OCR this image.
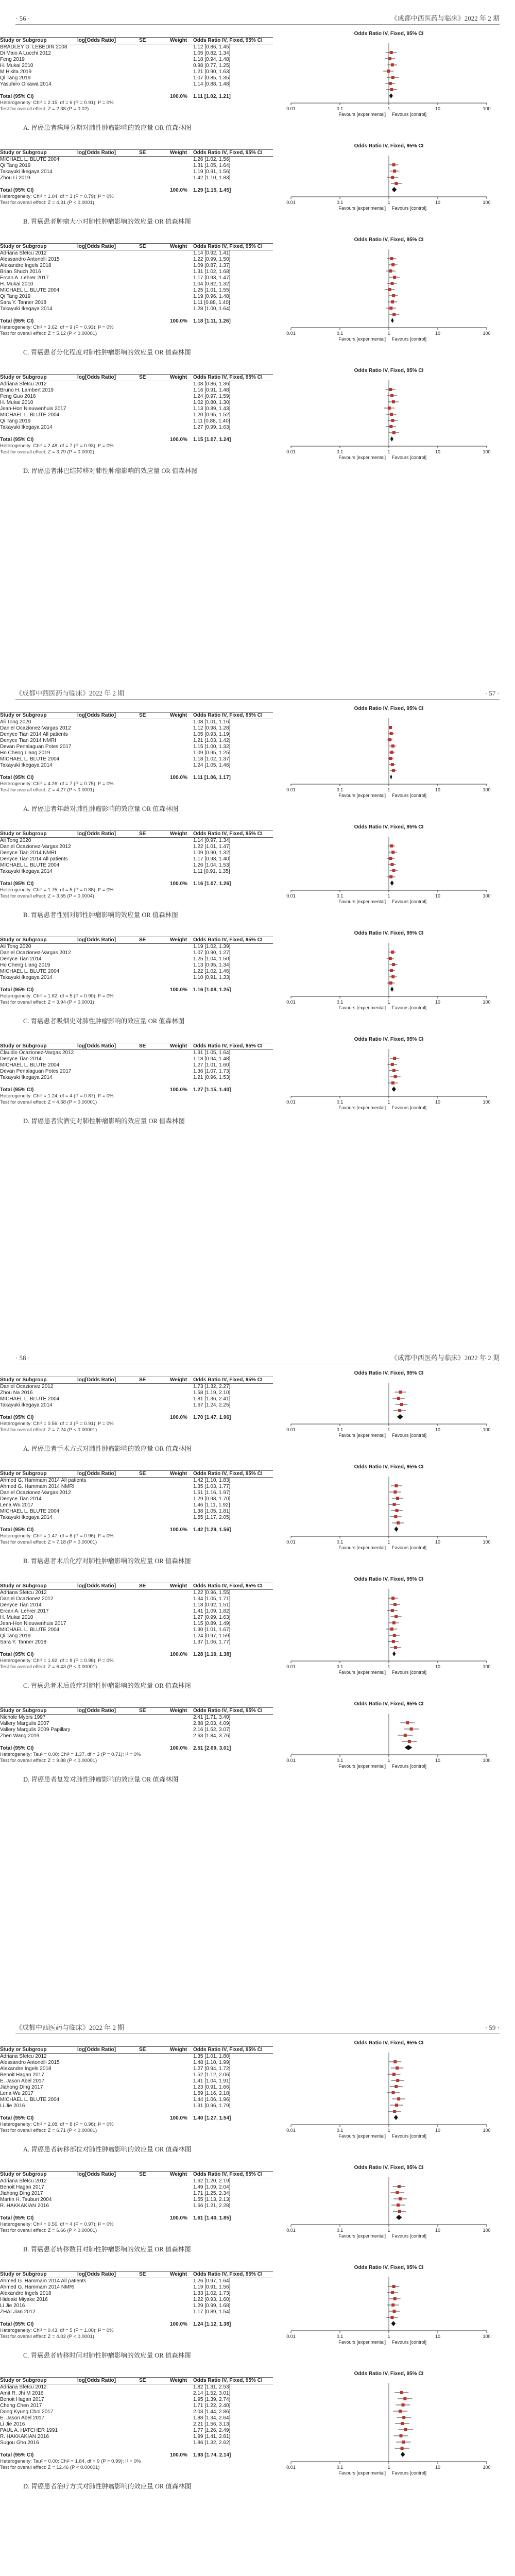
· 56 ·	《成都中西医药与临床》2022 年 2 期
Odds Ratio IV, Fixed, 95% CI
Study or Subgroup	log[Odds Ratio]	SE	Weight	Odds Ratio IV, Fixed, 95% CI
BRADLEY G. LEBEDIN 2008	1.12 [0.86, 1.45]
Di Maio A Lucchi 2012	1.05 [0.82, 1.34]
Feng 2019	1.18 [0.94, 1.48]
H. Mukai 2010	0.98 [0.77, 1.25]
M Hikita 2019	1.21 [0.90, 1.63]
Qi Tang 2019	1.07 [0.85, 1.35]
Yasuhiro Oikawa 2014	1.14 [0.88, 1.48]
Total (95% CI)	100.0%	1.11 [1.02, 1.21]
Heterogeneity: Chi² = 2.15, df = 6 (P = 0.91); I² = 0%
Test for overall effect: Z = 2.38 (P = 0.02)	0.01	0.1	1	10	100
Favours [experimental] Favours [control]
A. 胃癌患者病理分期对肺性肿瘤影响的效应量 OR 值森林图
Odds Ratio IV, Fixed, 95% CI
Study or Subgroup	log[Odds Ratio]	SE	Weight	Odds Ratio IV, Fixed, 95% CI
MICHAEL L. BLUTE 2004	1.26 [1.02, 1.56]
Qi Tang 2019	1.31 [1.05, 1.64]
Takayuki Ikegaya 2014	1.19 [0.91, 1.56]
Zhou Li 2019	1.42 [1.10, 1.83]
Total (95% CI)	100.0%	1.29 [1.15, 1.45]
Heterogeneity: Chi² = 1.04, df = 3 (P = 0.79); I² = 0%
Test for overall effect: Z = 4.31 (P < 0.0001)	0.01	0.1	1	10	100
Favours [experimental] Favours [control]
B. 胃癌患者肿瘤大小对肺性肿瘤影响的效应量 OR 值森林图
Odds Ratio IV, Fixed, 95% CI
Study or Subgroup	log[Odds Ratio]	SE	Weight	Odds Ratio IV, Fixed, 95% CI
Adriana Sfetcu 2012	1.14 [0.92, 1.41]
Alessandro Antonelli 2015	1.22 [0.99, 1.50]
Alexandre Ingels 2018	1.09 [0.87, 1.37]
Brian Shuch 2016	1.31 [1.02, 1.68]
Ercan A. Lehrer 2017	1.17 [0.93, 1.47]
H. Mukai 2010	1.04 [0.82, 1.32]
MICHAEL L. BLUTE 2004	1.25 [1.01, 1.55]
Qi Tang 2019	1.19 [0.96, 1.48]
Sara Y. Tanner 2018	1.11 [0.88, 1.40]
Takayuki Ikegaya 2014	1.28 [1.00, 1.64]
Total (95% CI)	100.0%	1.18 [1.11, 1.26]
Heterogeneity: Chi² = 3.62, df = 9 (P = 0.93); I² = 0%
Test for overall effect: Z = 5.12 (P < 0.00001)	0.01	0.1	1	10	100
Favours [experimental] Favours [control]
C. 胃癌患者分化程度对肺性肿瘤影响的效应量 OR 值森林图
Odds Ratio IV, Fixed, 95% CI
Study or Subgroup	log[Odds Ratio]	SE	Weight	Odds Ratio IV, Fixed, 95% CI
Adriana Sfetcu 2012	1.08 [0.86, 1.36]
Bruno H. Lambert 2019	1.16 [0.91, 1.48]
Feng Guo 2016	1.24 [0.97, 1.59]
H. Mukai 2010	1.02 [0.80, 1.30]
Jean-Hon Nieuwenhuis 2017	1.13 [0.89, 1.43]
MICHAEL L. BLUTE 2004	1.20 [0.95, 1.52]
Qi Tang 2019	1.11 [0.88, 1.40]
Takayuki Ikegaya 2014	1.27 [0.99, 1.63]
Total (95% CI)	100.0%	1.15 [1.07, 1.24]
Heterogeneity: Chi² = 2.48, df = 7 (P = 0.93); I² = 0%
Test for overall effect: Z = 3.79 (P = 0.0002)	0.01	0.1	1	10	100
Favours [experimental] Favours [control]
D. 胃癌患者淋巴结转移对肺性肿瘤影响的效应量 OR 值森林图
《成都中西医药与临床》2022 年 2 期	· 57 ·
Odds Ratio IV, Fixed, 95% CI
Study or Subgroup	log[Odds Ratio]	SE	Weight	Odds Ratio IV, Fixed, 95% CI
Ali Tong 2020	1.08 [1.01, 1.16]
Daniel Ocazionez-Vargas 2012	1.12 [0.98, 1.28]
Denyce Tian 2014 All patients	1.05 [0.93, 1.19]
Denyce Tian 2014 NMRI	1.21 [1.03, 1.42]
Devan Penalaguan Potes 2017	1.15 [1.00, 1.32]
Ho Cheng Liang 2019	1.09 [0.95, 1.25]
MICHAEL L. BLUTE 2004	1.18 [1.02, 1.37]
Takayuki Ikegaya 2014	1.24 [1.05, 1.46]
Total (95% CI)	100.0%	1.11 [1.06, 1.17]
Heterogeneity: Chi² = 4.26, df = 7 (P = 0.75); I² = 0%
Test for overall effect: Z = 4.27 (P < 0.0001)	0.01	0.1	1	10	100
Favours [experimental] Favours [control]
A. 胃癌患者年龄对肺性肿瘤影响的效应量 OR 值森林图
Odds Ratio IV, Fixed, 95% CI
Study or Subgroup	log[Odds Ratio]	SE	Weight	Odds Ratio IV, Fixed, 95% CI
Ali Tong 2020	1.14 [0.97, 1.34]
Daniel Ocazionez-Vargas 2012	1.22 [1.01, 1.47]
Denyce Tian 2014 NMRI	1.09 [0.90, 1.32]
Denyce Tian 2014 All patients	1.17 [0.98, 1.40]
MICHAEL L. BLUTE 2004	1.26 [1.04, 1.53]
Takayuki Ikegaya 2014	1.11 [0.91, 1.35]
Total (95% CI)	100.0%	1.16 [1.07, 1.26]
Heterogeneity: Chi² = 1.75, df = 5 (P = 0.88); I² = 0%
Test for overall effect: Z = 3.55 (P = 0.0004)	0.01	0.1	1	10	100
Favours [experimental] Favours [control]
B. 胃癌患者性别对肺性肿瘤影响的效应量 OR 值森林图
Odds Ratio IV, Fixed, 95% CI
Study or Subgroup	log[Odds Ratio]	SE	Weight	Odds Ratio IV, Fixed, 95% CI
Ali Tong 2020	1.19 [1.02, 1.39]
Daniel Ocazionez-Vargas 2012	1.07 [0.90, 1.27]
Denyce Tian 2014	1.25 [1.04, 1.50]
Ho Cheng Liang 2019	1.13 [0.95, 1.34]
MICHAEL L. BLUTE 2004	1.22 [1.02, 1.46]
Takayuki Ikegaya 2014	1.10 [0.91, 1.33]
Total (95% CI)	100.0%	1.16 [1.08, 1.25]
Heterogeneity: Chi² = 1.62, df = 5 (P = 0.90); I² = 0%
Test for overall effect: Z = 3.94 (P < 0.0001)	0.01	0.1	1	10	100
Favours [experimental] Favours [control]
C. 胃癌患者吸烟史对肺性肿瘤影响的效应量 OR 值森林图
Odds Ratio IV, Fixed, 95% CI
Study or Subgroup	log[Odds Ratio]	SE	Weight	Odds Ratio IV, Fixed, 95% CI
Claudio Ocazionez-Vargas 2012	1.31 [1.05, 1.64]
Denyce Tian 2014	1.18 [0.94, 1.48]
MICHAEL L. BLUTE 2004	1.27 [1.01, 1.60]
Devan Penalaguan Potes 2017	1.36 [1.07, 1.73]
Takayuki Ikegaya 2014	1.21 [0.96, 1.53]
Total (95% CI)	100.0%	1.27 [1.15, 1.40]
Heterogeneity: Chi² = 1.24, df = 4 (P = 0.87); I² = 0%
Test for overall effect: Z = 4.68 (P < 0.00001)	0.01	0.1	1	10	100
Favours [experimental] Favours [control]
D. 胃癌患者饮酒史对肺性肿瘤影响的效应量 OR 值森林图
· 58 ·	《成都中西医药与临床》2022 年 2 期
Odds Ratio IV, Fixed, 95% CI
Study or Subgroup	log[Odds Ratio]	SE	Weight	Odds Ratio IV, Fixed, 95% CI
Daniel Ocazionez 2012	1.73 [1.32, 2.27]
Zhou Na 2016	1.58 [1.19, 2.10]
MICHAEL L. BLUTE 2004	1.81 [1.36, 2.41]
Takayuki Ikegaya 2014	1.67 [1.24, 2.25]
Total (95% CI)	100.0%	1.70 [1.47, 1.96]
Heterogeneity: Chi² = 0.56, df = 3 (P = 0.91); I² = 0%
Test for overall effect: Z = 7.24 (P < 0.00001)	0.01	0.1	1	10	100
Favours [experimental] Favours [control]
A. 胃癌患者手术方式对肺性肿瘤影响的效应量 OR 值森林图
Odds Ratio IV, Fixed, 95% CI
Study or Subgroup	log[Odds Ratio]	SE	Weight	Odds Ratio IV, Fixed, 95% CI
Ahmed G. Hammam 2014 All patients	1.42 [1.10, 1.83]
Ahmed G. Hammam 2014 NMRI	1.35 [1.03, 1.77]
Daniel Ocazionez-Vargas 2012	1.51 [1.16, 1.97]
Denyce Tian 2014	1.29 [0.98, 1.70]
Lena Wu 2017	1.46 [1.11, 1.92]
MICHAEL L. BLUTE 2004	1.38 [1.05, 1.81]
Takayuki Ikegaya 2014	1.55 [1.17, 2.05]
Total (95% CI)	100.0%	1.42 [1.29, 1.56]
Heterogeneity: Chi² = 1.47, df = 6 (P = 0.96); I² = 0%
Test for overall effect: Z = 7.18 (P < 0.00001)	0.01	0.1	1	10	100
Favours [experimental] Favours [control]
B. 胃癌患者术后化疗对肺性肿瘤影响的效应量 OR 值森林图
Odds Ratio IV, Fixed, 95% CI
Study or Subgroup	log[Odds Ratio]	SE	Weight	Odds Ratio IV, Fixed, 95% CI
Adriana Sfetcu 2012	1.22 [0.96, 1.55]
Daniel Ocazionez 2012	1.34 [1.05, 1.71]
Denyce Tian 2014	1.18 [0.92, 1.51]
Ercan A. Lehrer 2017	1.41 [1.09, 1.82]
H. Mukai 2010	1.27 [0.99, 1.63]
Jean-Hon Nieuwenhuis 2017	1.15 [0.89, 1.49]
MICHAEL L. BLUTE 2004	1.30 [1.01, 1.67]
Qi Tang 2019	1.24 [0.97, 1.59]
Sara Y. Tanner 2018	1.37 [1.06, 1.77]
Total (95% CI)	100.0%	1.28 [1.19, 1.38]
Heterogeneity: Chi² = 1.92, df = 8 (P = 0.98); I² = 0%
Test for overall effect: Z = 6.43 (P < 0.00001)	0.01	0.1	1	10	100
Favours [experimental] Favours [control]
C. 胃癌患者术后放疗对肺性肿瘤影响的效应量 OR 值森林图
Odds Ratio IV, Fixed, 95% CI
Study or Subgroup	log[Odds Ratio]	SE	Weight	Odds Ratio IV, Fixed, 95% CI
Nichole Myers 1997	2.41 [1.71, 3.40]
Vallery Margulis 2007	2.88 [2.03, 4.09]
Vallery Margulis 2009 Papillary	2.16 [1.52, 3.07]
Zhen Wang 2019	2.63 [1.84, 3.76]
Total (95% CI)	100.0%	2.51 [2.09, 3.01]
Heterogeneity: Tau² = 0.00; Chi² = 1.37, df = 3 (P = 0.71); I² = 0%
Test for overall effect: Z = 9.88 (P < 0.00001)	0.01	0.1	1	10	100
Favours [experimental] Favours [control]
D. 胃癌患者复发对肺性肿瘤影响的效应量 OR 值森林图
《成都中西医药与临床》2022 年 2 期	· 59 ·
Odds Ratio IV, Fixed, 95% CI
Study or Subgroup	log[Odds Ratio]	SE	Weight	Odds Ratio IV, Fixed, 95% CI
Adriana Sfetcu 2012	1.35 [1.01, 1.80]
Alessandro Antonelli 2015	1.48 [1.10, 1.99]
Alexandre Ingels 2018	1.27 [0.94, 1.72]
Benoit Hagan 2017	1.52 [1.12, 2.06]
E. Jason Abel 2017	1.41 [1.04, 1.91]
Jiahong Ding 2017	1.23 [0.91, 1.66]
Lena Wu 2017	1.59 [1.16, 2.18]
MICHAEL L. BLUTE 2004	1.44 [1.06, 1.96]
Li Jie 2016	1.31 [0.96, 1.79]
Total (95% CI)	100.0%	1.40 [1.27, 1.54]
Heterogeneity: Chi² = 2.08, df = 8 (P = 0.98); I² = 0%
Test for overall effect: Z = 6.71 (P < 0.00001)	0.01	0.1	1	10	100
Favours [experimental] Favours [control]
A. 胃癌患者转移部位对肺性肿瘤影响的效应量 OR 值森林图
Odds Ratio IV, Fixed, 95% CI
Study or Subgroup	log[Odds Ratio]	SE	Weight	Odds Ratio IV, Fixed, 95% CI
Adriana Sfetcu 2012	1.62 [1.20, 2.19]
Benoit Hagan 2017	1.49 [1.09, 2.04]
Jiahong Ding 2017	1.71 [1.25, 2.34]
Martin H. Tsuburi 2004	1.55 [1.13, 2.13]
R. HAKKAKIAN 2016	1.66 [1.21, 2.28]
Total (95% CI)	100.0%	1.61 [1.40, 1.85]
Heterogeneity: Chi² = 0.56, df = 4 (P = 0.97); I² = 0%
Test for overall effect: Z = 6.66 (P < 0.00001)	0.01	0.1	1	10	100
Favours [experimental] Favours [control]
B. 胃癌患者转移数目对肺性肿瘤影响的效应量 OR 值森林图
Odds Ratio IV, Fixed, 95% CI
Study or Subgroup	log[Odds Ratio]	SE	Weight	Odds Ratio IV, Fixed, 95% CI
Ahmed G. Hammam 2014 All patients	1.26 [0.97, 1.64]
Ahmed G. Hammam 2014 NMRI	1.19 [0.91, 1.56]
Alexandre Ingels 2018	1.33 [1.02, 1.73]
Hideaki Miyake 2016	1.22 [0.93, 1.60]
Li Jie 2016	1.29 [0.99, 1.68]
ZHAI Jian 2012	1.17 [0.89, 1.54]
Total (95% CI)	100.0%	1.24 [1.12, 1.38]
Heterogeneity: Chi² = 0.43, df = 5 (P = 1.00); I² = 0%
Test for overall effect: Z = 4.02 (P < 0.0001)	0.01	0.1	1	10	100
Favours [experimental] Favours [control]
C. 胃癌患者转移时间对肺性肿瘤影响的效应量 OR 值森林图
Odds Ratio IV, Fixed, 95% CI
Study or Subgroup	log[Odds Ratio]	SE	Weight	Odds Ratio IV, Fixed, 95% CI
Adriana Sfetcu 2012	1.82 [1.31, 2.53]
Amit R. Jhi M 2016	2.14 [1.52, 3.01]
Benoit Hagan 2017	1.95 [1.39, 2.74]
Cheng Chen 2017	1.71 [1.22, 2.40]
Dong Kyung Choi 2017	2.03 [1.44, 2.86]
E. Jason Abel 2017	1.88 [1.34, 2.64]
Li Jie 2016	2.21 [1.56, 3.13]
PAUL A. HATCHER 1991	1.77 [1.26, 2.49]
R. HAKKAKIAN 2016	1.99 [1.41, 2.81]
Sugou Gho 2016	1.86 [1.32, 2.62]
Total (95% CI)	100.0%	1.93 [1.74, 2.14]
Heterogeneity: Tau² = 0.00; Chi² = 1.84, df = 9 (P = 0.99); I² = 0%
Test for overall effect: Z = 12.46 (P < 0.00001)	0.01	0.1	1	10	100
Favours [experimental] Favours [control]
D. 胃癌患者治疗方式对肺性肿瘤影响的效应量 OR 值森林图
